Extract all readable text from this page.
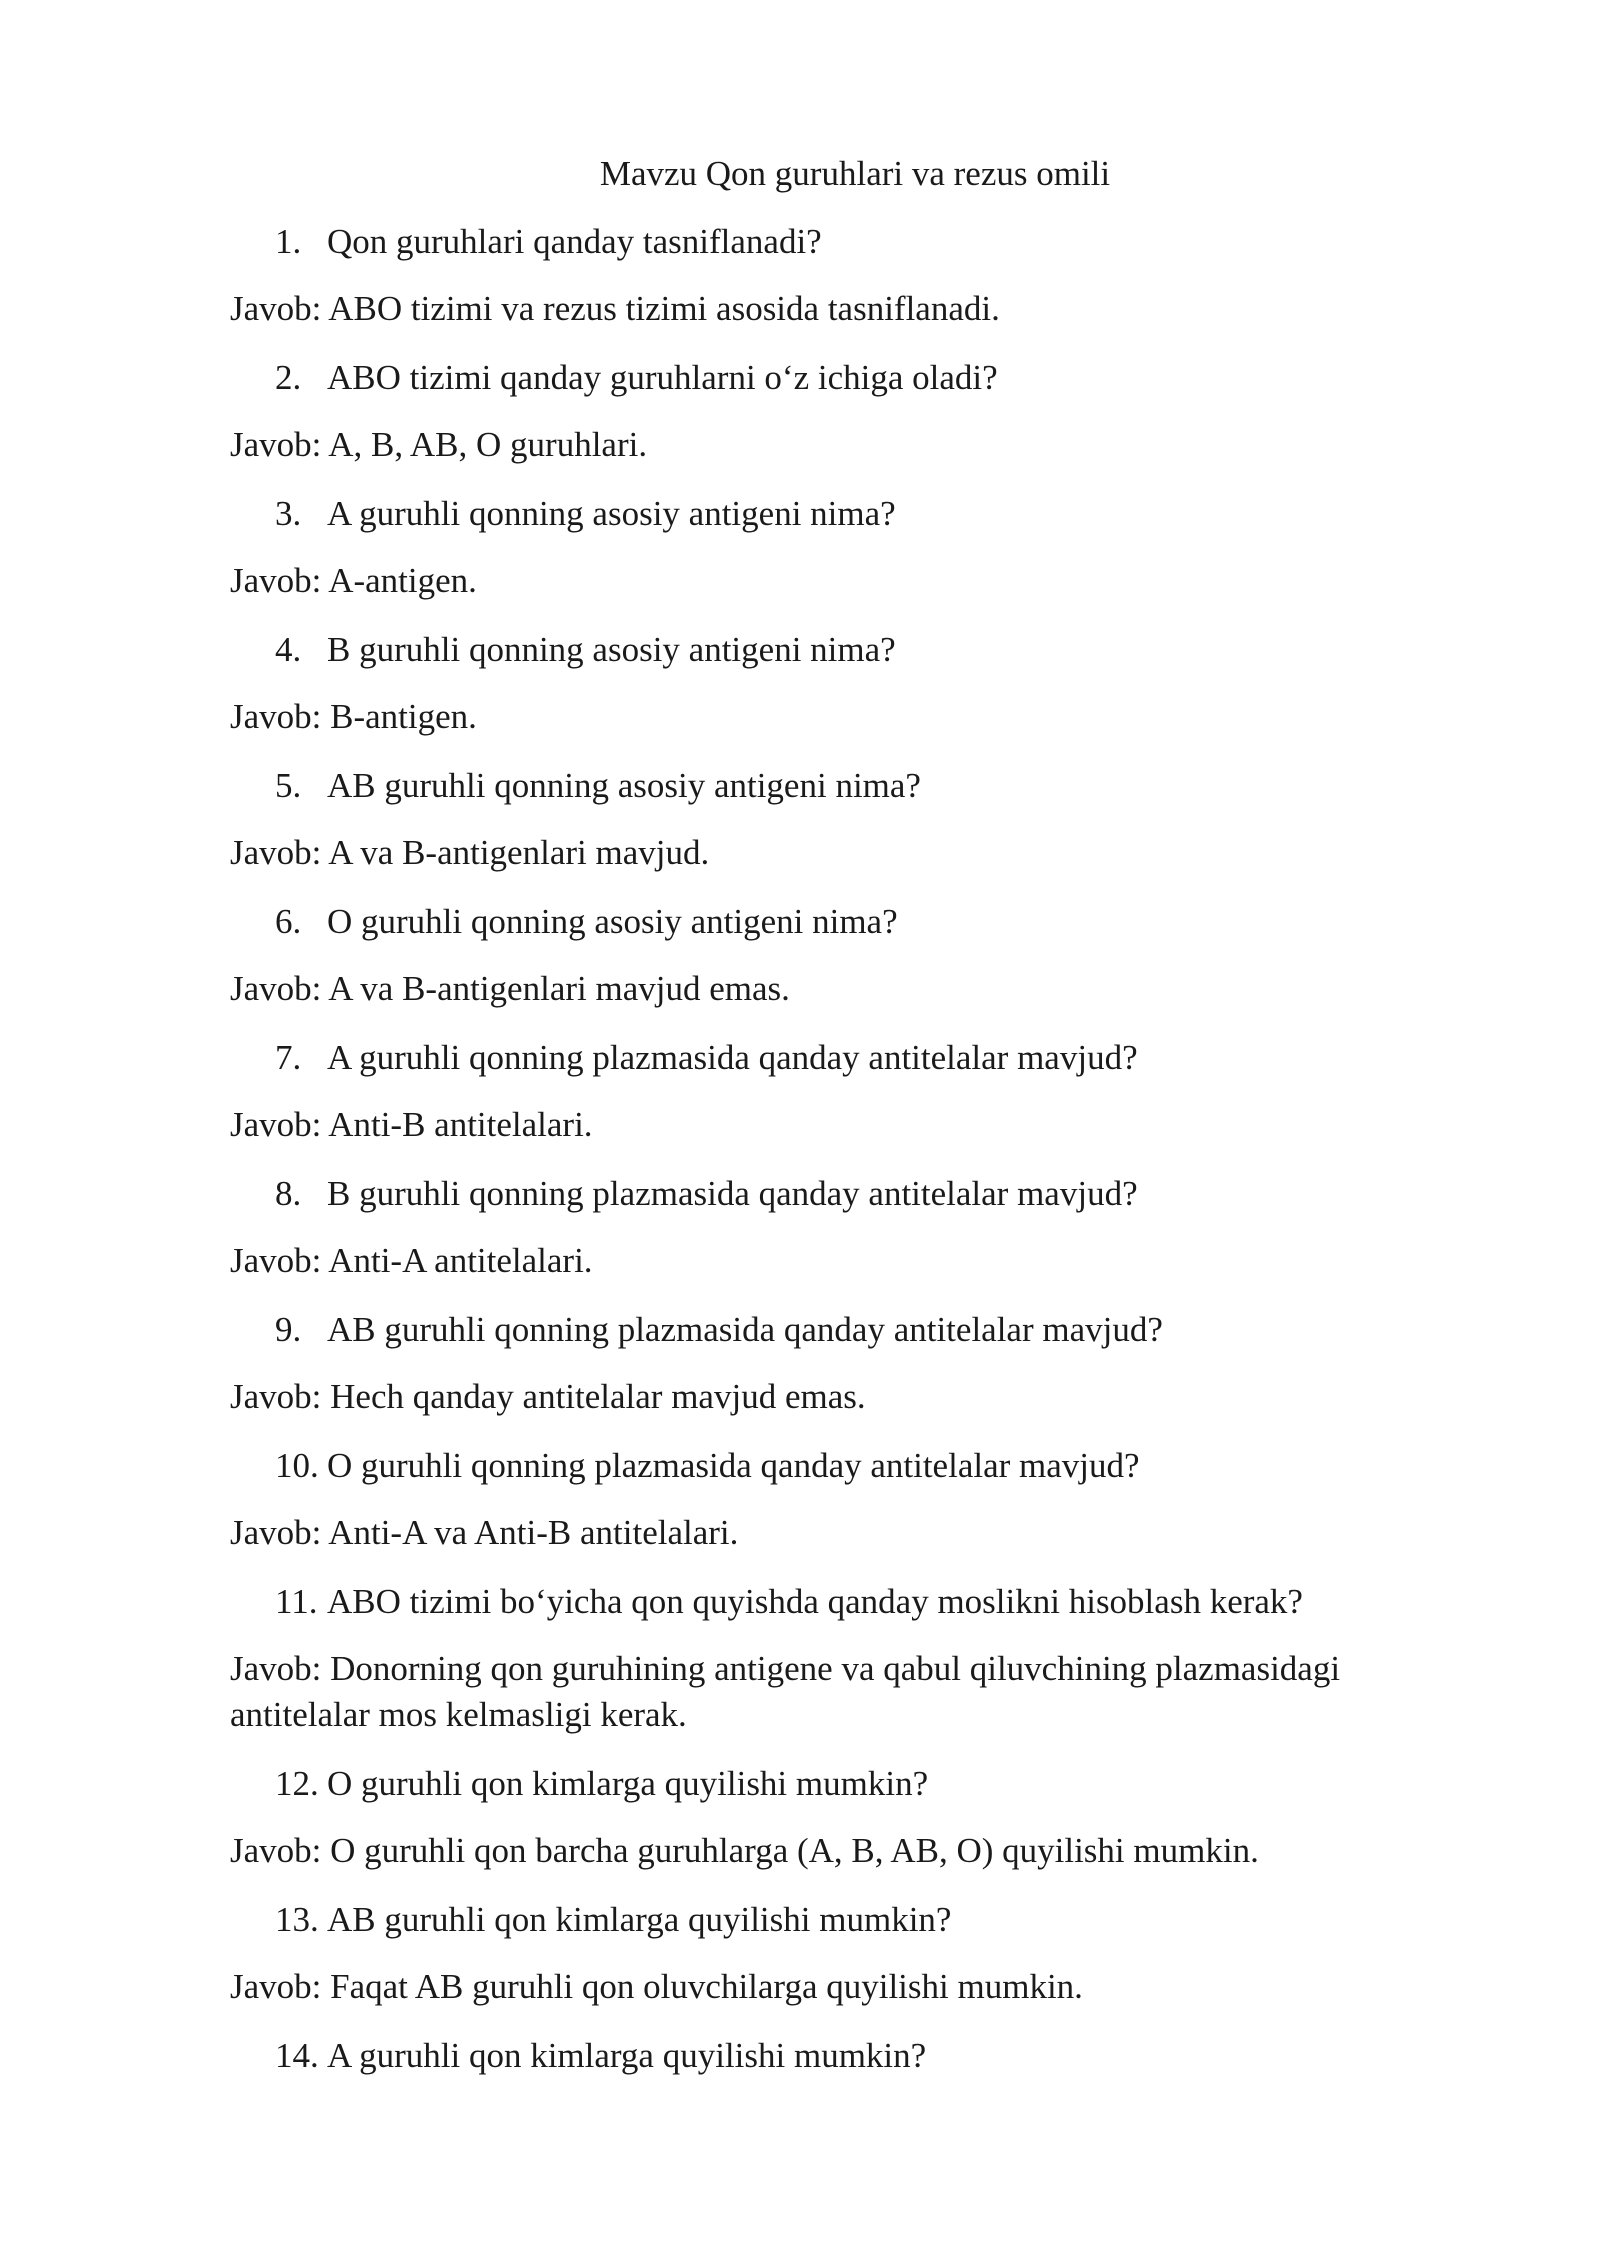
Mavzu Qon guruhlari va rezus omili
1. Qon guruhlari qanday tasniflanadi?
Javob: ABO tizimi va rezus tizimi asosida tasniflanadi.
2. ABO tizimi qanday guruhlarni o‘z ichiga oladi?
Javob: A, B, AB, O guruhlari.
3. A guruhli qonning asosiy antigeni nima?
Javob: A-antigen.
4. B guruhli qonning asosiy antigeni nima?
Javob: B-antigen.
5. AB guruhli qonning asosiy antigeni nima?
Javob: A va B-antigenlari mavjud.
6. O guruhli qonning asosiy antigeni nima?
Javob: A va B-antigenlari mavjud emas.
7. A guruhli qonning plazmasida qanday antitelalar mavjud?
Javob: Anti-B antitelalari.
8. B guruhli qonning plazmasida qanday antitelalar mavjud?
Javob: Anti-A antitelalari.
9. AB guruhli qonning plazmasida qanday antitelalar mavjud?
Javob: Hech qanday antitelalar mavjud emas.
10. O guruhli qonning plazmasida qanday antitelalar mavjud?
Javob: Anti-A va Anti-B antitelalari.
11. ABO tizimi bo‘yicha qon quyishda qanday moslikni hisoblash kerak?
Javob: Donorning qon guruhining antigene va qabul qiluvchining plazmasidagi antitelalar mos kelmasligi kerak.
12. O guruhli qon kimlarga quyilishi mumkin?
Javob: O guruhli qon barcha guruhlarga (A, B, AB, O) quyilishi mumkin.
13. AB guruhli qon kimlarga quyilishi mumkin?
Javob: Faqat AB guruhli qon oluvchilarga quyilishi mumkin.
14. A guruhli qon kimlarga quyilishi mumkin?
